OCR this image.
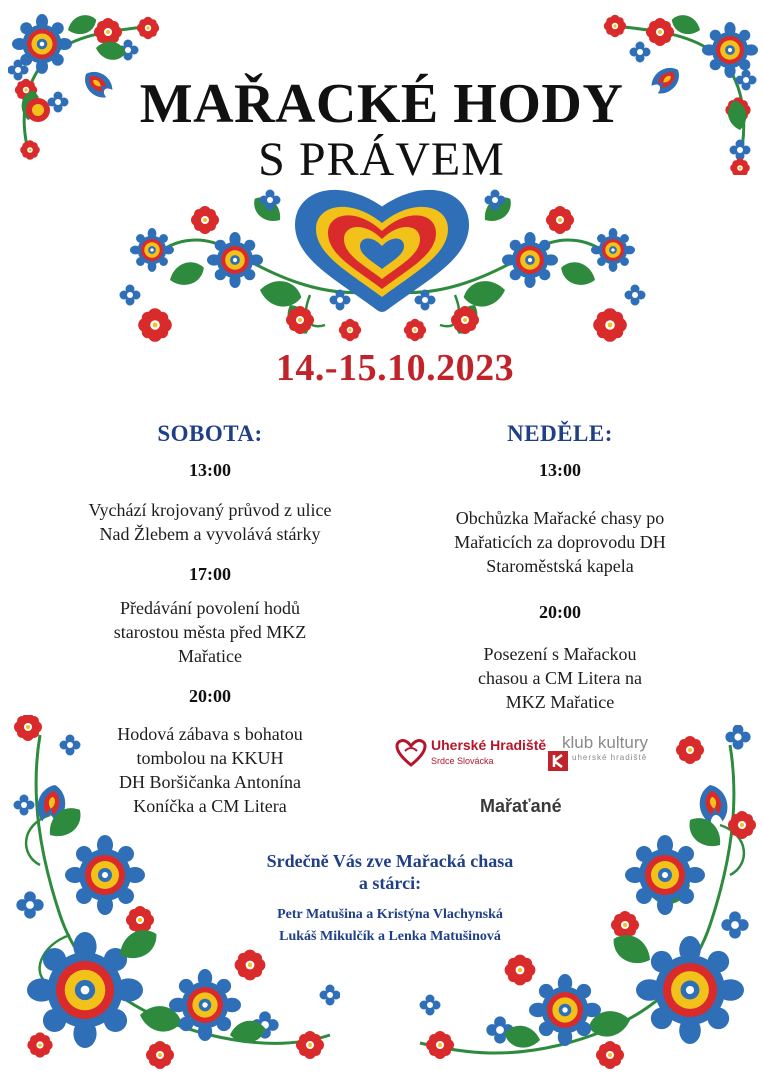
MAŘACKÉ HODY
S PRÁVEM
14.-15.10.2023
SOBOTA:
13:00
Vychází krojovaný průvod z ulice
Nad Žlebem a vyvolává stárky
17:00
Předávání povolení hodů
starostou města před MKZ
Mařatice
20:00
Hodová zábava s bohatou
tombolou na KKUH
DH Boršičanka Antonína
Koníčka a CM Litera
NEDĚLE:
13:00
Obchůzka Mařacké chasy po
Mařaticích za doprovodu DH
Staroměstská kapela
20:00
Posezení s Mařackou
chasou a CM Litera na
MKZ Mařatice
Uherské Hradiště
Srdce Slovácka
klub kultury
uherské hradiště
Mařaťané
Srdečně Vás zve Mařacká chasa
a stárci:
Petr Matušina a Kristýna Vlachynská
Lukáš Mikulčík a Lenka Matušinová
